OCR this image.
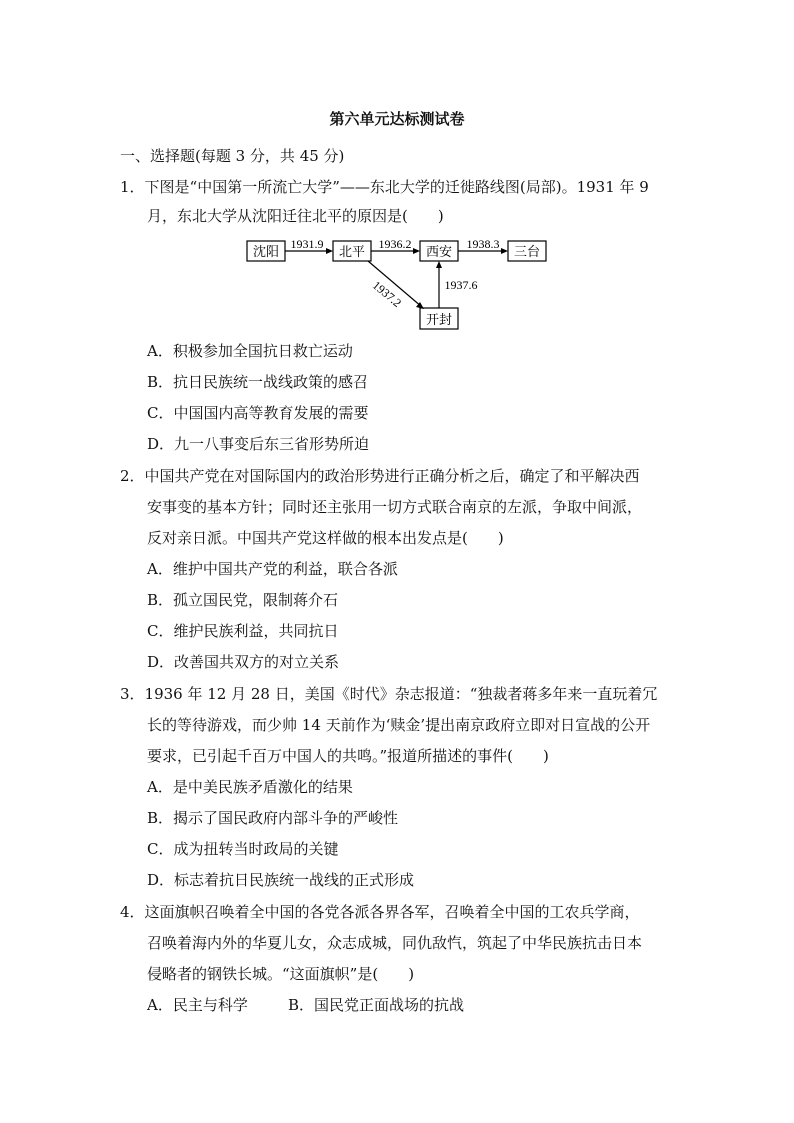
第六单元达标测试卷
一、选择题(每题 3 分，共 45 分)
1．下图是“中国第一所流亡大学”——东北大学的迁徙路线图(局部)。1931 年 9
月，东北大学从沈阳迁往北平的原因是(　　)
沈阳	北平	西安	三台
开封
1931.9	1936.2	1938.3
1937.2	1937.6
A．积极参加全国抗日救亡运动
B．抗日民族统一战线政策的感召
C．中国国内高等教育发展的需要
D．九一八事变后东三省形势所迫
2．中国共产党在对国际国内的政治形势进行正确分析之后，确定了和平解决西
安事变的基本方针；同时还主张用一切方式联合南京的左派，争取中间派，
反对亲日派。中国共产党这样做的根本出发点是(　　)
A．维护中国共产党的利益，联合各派
B．孤立国民党，限制蒋介石
C．维护民族利益，共同抗日
D．改善国共双方的对立关系
3．1936 年 12 月 28 日，美国《时代》杂志报道：“独裁者蒋多年来一直玩着冗
长的等待游戏，而少帅 14 天前作为‘赎金’提出南京政府立即对日宣战的公开
要求，已引起千百万中国人的共鸣。”报道所描述的事件(　　)
A．是中美民族矛盾激化的结果
B．揭示了国民政府内部斗争的严峻性
C．成为扭转当时政局的关键
D．标志着抗日民族统一战线的正式形成
4．这面旗帜召唤着全中国的各党各派各界各军，召唤着全中国的工农兵学商，
召唤着海内外的华夏儿女，众志成城，同仇敌忾，筑起了中华民族抗击日本
侵略者的钢铁长城。“这面旗帜”是(　　)
A．民主与科学	B．国民党正面战场的抗战
